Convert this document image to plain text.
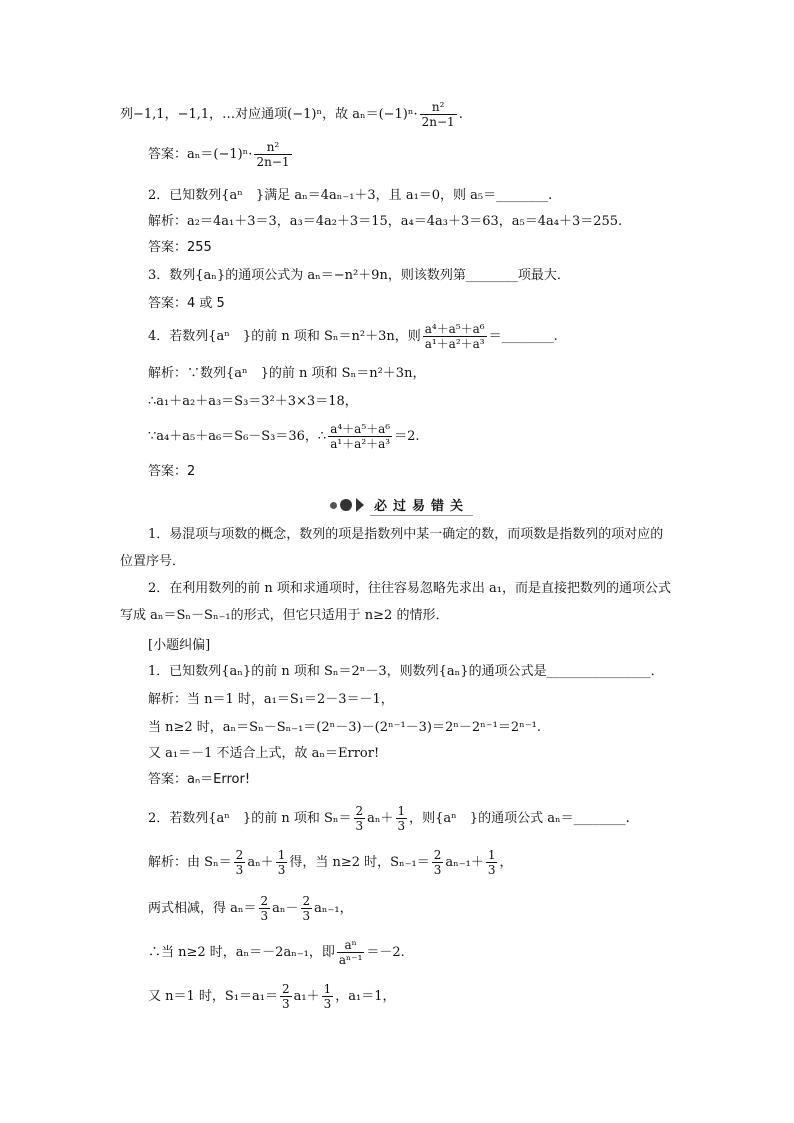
列−1,1，−1,1，…对应通项(−1)ⁿ，故 $a_n=(-1)^n\cdot \frac{\text{n²}}{2n-1}$ .
答案：$a_n=(-1)^n\cdot \frac{\text{n²}}{2n-1}$
2．已知数列{aⁿ　}满足 aₙ＝4aₙ₋₁＋3，且 a₁＝0，则 a₅＝________.
解析：a₂＝4a₁＋3＝3，a₃＝4a₂＋3＝15，a₄＝4a₃＋3＝63，a₅＝4a₄＋3＝255.
答案：255
3．数列{aₙ}的通项公式为 aₙ＝−n²＋9n，则该数列第________项最大．
答案：4 或 5
4．若数列{aⁿ　}的前 n 项和 Sₙ＝n²＋3n，则 $\frac{\text{a⁴＋a⁵＋a⁶}}{\text{a¹＋a²＋a³}}$ ＝________.
解析：∵数列{aⁿ　}的前 n 项和 Sₙ＝n²＋3n，
∴a₁＋a₂＋a₃＝S₃＝3²＋3×3＝18，
∵a₄＋a₅＋a₆＝S₆－S₃＝36，∴ $\frac{\text{a⁴＋a⁵＋a⁶}}{\text{a¹＋a²＋a³}} =2$.
答案：2
必过易错关
1．易混项与项数的概念，数列的项是指数列中某一确定的数，而项数是指数列的项对应的位置序号．
2．在利用数列的前 n 项和求通项时，往往容易忽略先求出 a₁，而是直接把数列的通项公式写成 aₙ＝Sₙ－Sₙ₋₁的形式，但它只适用于 n≥2 的情形．
[小题纠偏]
1．已知数列{aₙ}的前 n 项和 Sₙ＝2ⁿ－3，则数列{aₙ}的通项公式是________________．
解析：当 n＝1 时，a₁＝S₁＝2－3＝－1，
当 n≥2 时，aₙ＝Sₙ－Sₙ₋₁＝(2ⁿ－3)－(2ⁿ⁻¹－3)＝2ⁿ－2ⁿ⁻¹＝2ⁿ⁻¹.
又 a₁＝－1 不适合上式，故 aₙ＝Error!
答案：aₙ＝Error!
2．若数列{aⁿ　}的前 n 项和 $S_n= \frac{2}{3} a_n+ \frac{1}{3}$ ，则{aⁿ　}的通项公式 aₙ＝________.
解析：由 $S_n= \frac{2}{3} a_n+ \frac{1}{3}$ 得，当 n≥2 时，$S_{n-1}= \frac{2}{3} a_{n-1}+ \frac{1}{3}$ ，
两式相减，得 $a_n= \frac{2}{3} a_n- \frac{2}{3} a_{n-1}$，
∴当 n≥2 时，aₙ＝－2aₙ₋₁，即 $\frac{\text{aⁿ}}{\text{aⁿ⁻¹}} =-2$.
又 n＝1 时，$S_1=a_1= \frac{2}{3} a_1+ \frac{1}{3}$ ，a₁＝1，
